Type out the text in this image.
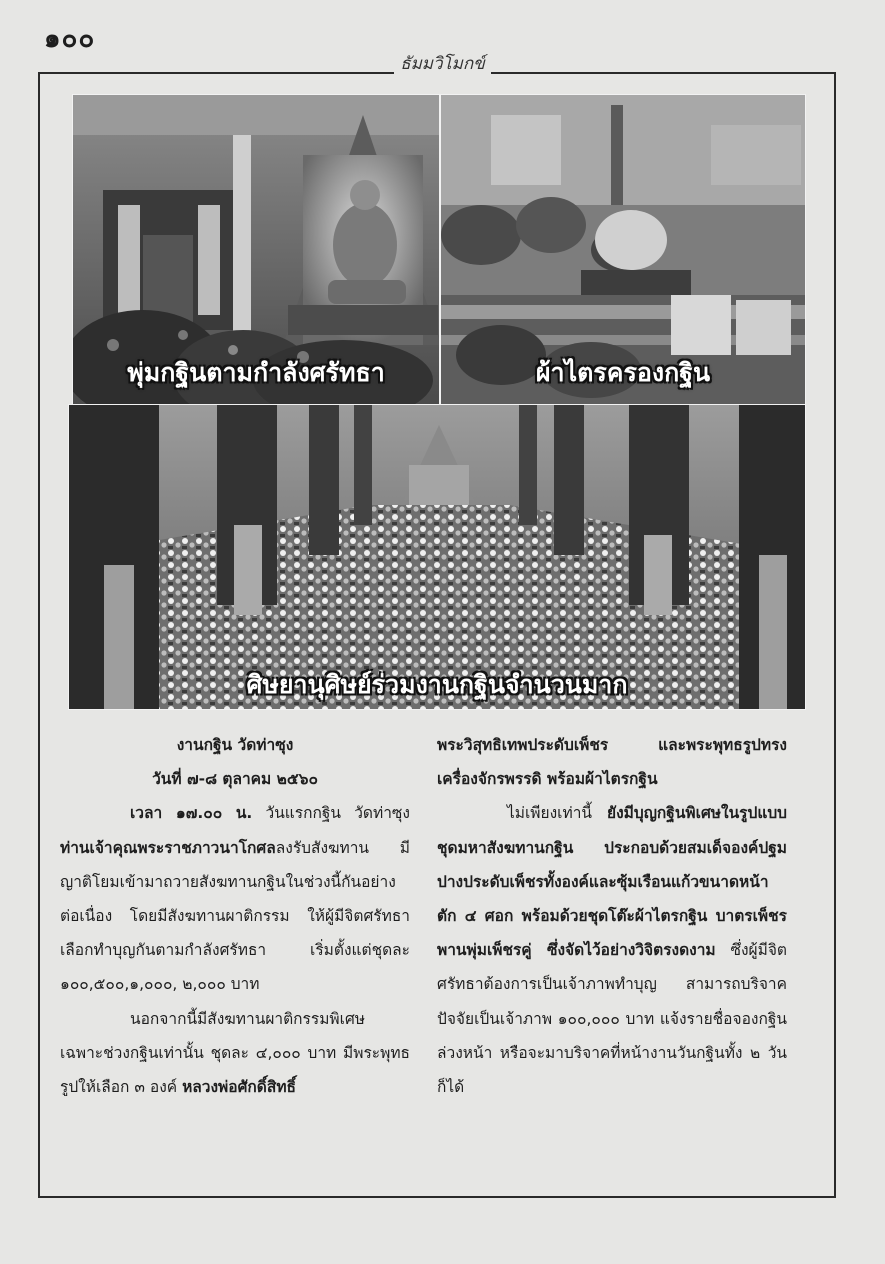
๑๐๐
ธัมมวิโมกข์
พุ่มกฐินตามกำลังศรัทธา	ผ้าไตรครองกฐิน
ศิษยานุศิษย์ร่วมงานกฐินจำนวนมาก

งานกฐิน วัดท่าซุง

วันที่ ๗-๘ ตุลาคม ๒๕๖๐

เวลา ๑๗.๐๐ น. วันแรกกฐิน วัดท่าซุง ท่านเจ้าคุณพระราชภาวนาโกศลลงรับสังฆทาน มีญาติโยมเข้ามาถวายสังฆทานกฐินในช่วงนี้กันอย่างต่อเนื่อง โดยมีสังฆทานผาติกรรม ให้ผู้มีจิตศรัทธา เลือกทำบุญกันตามกำลังศรัทธา เริ่มตั้งแต่ชุดละ ๑๐๐,๕๐๐,๑,๐๐๐, ๒,๐๐๐ บาท

นอกจากนี้มีสังฆทานผาติกรรมพิเศษ เฉพาะช่วงกฐินเท่านั้น ชุดละ ๔,๐๐๐ บาท มีพระพุทธรูปให้เลือก ๓ องค์ หลวงพ่อศักดิ์สิทธิ์

พระวิสุทธิเทพประดับเพ็ชร และพระพุทธรูปทรงเครื่องจักรพรรดิ พร้อมผ้าไตรกฐิน

ไม่เพียงเท่านี้ ยังมีบุญกฐินพิเศษในรูปแบบชุดมหาสังฆทานกฐิน ประกอบด้วยสมเด็จองค์ปฐม ปางประดับเพ็ชรทั้งองค์และซุ้มเรือนแก้วขนาดหน้าตัก ๔ ศอก พร้อมด้วยชุดโต๊ะผ้าไตรกฐิน บาตรเพ็ชร พานพุ่มเพ็ชรคู่ ซึ่งจัดไว้อย่างวิจิตรงดงาม ซึ่งผู้มีจิตศรัทธาต้องการเป็นเจ้าภาพทำบุญ สามารถบริจาคปัจจัยเป็นเจ้าภาพ ๑๐๐,๐๐๐ บาท แจ้งรายชื่อจองกฐินล่วงหน้า หรือจะมาบริจาคที่หน้างานวันกฐินทั้ง ๒ วันก็ได้
